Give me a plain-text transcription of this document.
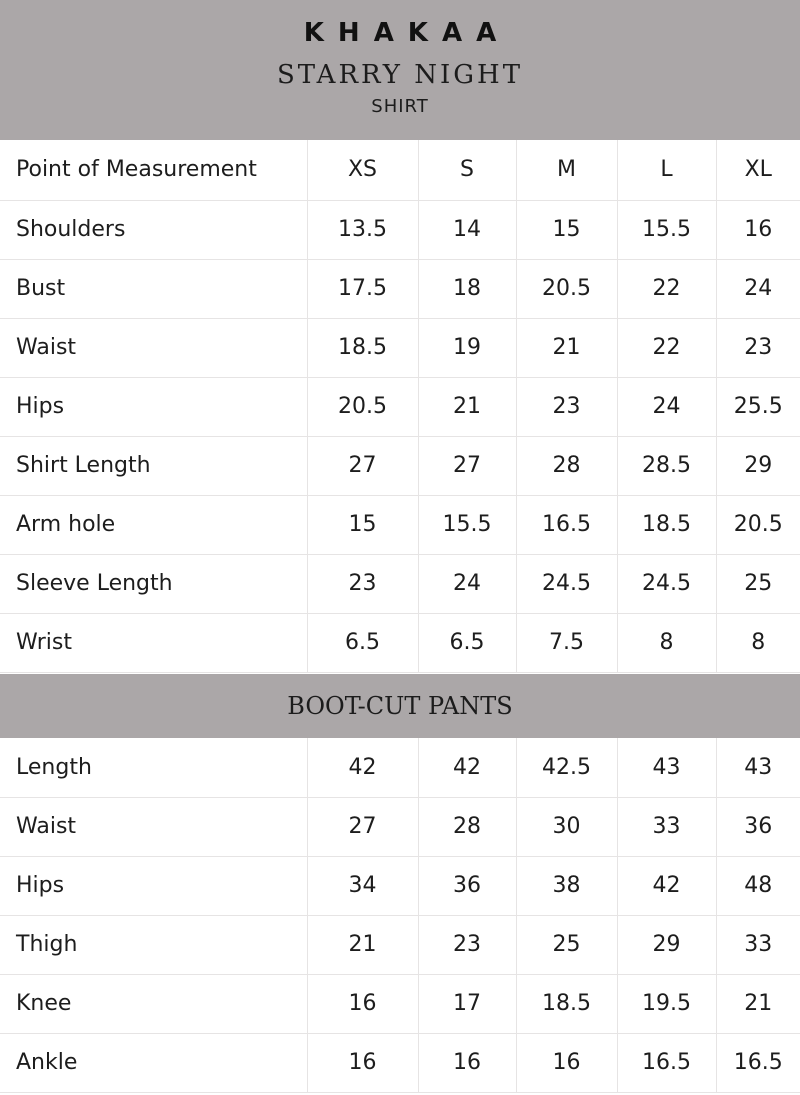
KHAKAA
STARRY NIGHT
SHIRT
Point of Measurement	XS	S	M	L	XL
Shoulders	13.5	14	15	15.5	16
Bust	17.5	18	20.5	22	24
Waist	18.5	19	21	22	23
Hips	20.5	21	23	24	25.5
Shirt Length	27	27	28	28.5	29
Arm hole	15	15.5	16.5	18.5	20.5
Sleeve Length	23	24	24.5	24.5	25
Wrist	6.5	6.5	7.5	8	8
BOOT-CUT PANTS
Length	42	42	42.5	43	43
Waist	27	28	30	33	36
Hips	34	36	38	42	48
Thigh	21	23	25	29	33
Knee	16	17	18.5	19.5	21
Ankle	16	16	16	16.5	16.5
